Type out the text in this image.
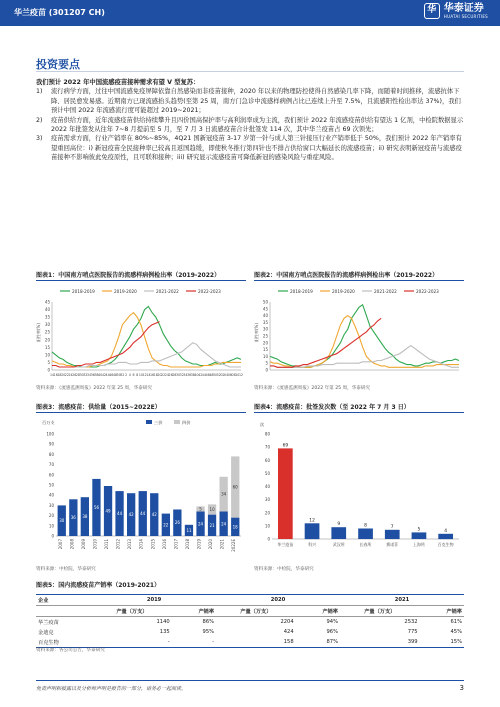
华兰疫苗 (301207 CH)	华 华泰证券
HUATAI SECURITIES
投资要点

我们预计 2022 年中国流感疫苗接种需求有望 V 型复苏：

1) 流行病学方面，过往中国流感免疫屏障依靠自然感染而非疫苗接种，2020 年以来的物理防控使得自然感染几率下降，而随着时间推移，流感抗体下降、居民愈发易感。近期南方已现流感抬头趋势(至第 25 周，南方门急诊中流感样病例占比已连续上升至 7.5%，且流感阳性检出率达 37%)，我们预计中国 2022 年流感流行度可能超过 2019~2021；

2) 疫苗供给方面，近年流感疫苗供给持续攀升且四价国高保护率与高利润率成为主流，我们预计 2022 年流感疫苗供给有望达 1 亿剂，中检院数据显示 2022 年批签发从往年 7~8 月提前至 5 月，至 7 月 3 日流感疫苗合计批签发 114 次，其中华兰疫苗占 69 次领先；

3) 疫苗需求方面，行业产销率在 80%~85%，4Q21 国新冠疫苗 3-17 岁第一针与成人第三针接压行业产销率低于 50%，我们预计 2022 年产销率有望重回高位：i) 新冠疫苗全民接种率已较高且返国趋缓，即使秋冬推行第四针也不排占供给窗口大幅延长的流感疫苗；ii) 研究表明新冠疫苗与流感疫苗接种不影响彼此免疫原性，且可联和接种；iii) 研究显示流感疫苗可降低新冠的感染风险与重症风险。

图表1：中国南方哨点医院报告的流感样病例检出率（2019-2022）
2018-2019	2019-2020	2021-2022	2022-2023
0
5
10
15
20
25
30
35
40
45
阳性率(%)
14 16 18 20 22 24 26 28 30 32 34 36 38 40 42 44 46 48 50 52 2 4 6 8 10 12 14 16 18 20 22 24 26 28 30 32 34 36 38 40 42 44 46 48 50 52 02 04 06 08 10 12
资料来源：《流感监测周报》2022 年第 25 周，华泰研究
图表2：中国南方哨点医院报告的流感样病例检出率（2019-2022）
2018-2019	2019-2020	2021-2022	2022-2023
0
5
10
15
20
25
30
35
40
45
50
阳性率(%)
资料来源：《流感监测周报》2022 年第 25 周，华泰研究
图表3：流感疫苗：供给量（2015~2022E）
百万支	三价	四价
0
10
20
30
40
50
60
70
80
90
100
30
2007
36
2008
38
2009
56
2010
49
2011
44
2012
42
2013
44
2014
42
2015
22
2016
26
2017
11
2018
24
5
2019
21
10
2020
24
34
2021
18
60
2022E
资料来源：中检院，华泰研究
图表4：流感疫苗：批签发次数（至 2022 年 7 月 3 日）
次
0
10
20
30
40
50
60
70
80
69
华兰疫苗
12
科兴
9
武汉所
8
长春所
7
赛诺菲
5
上海所
4
百克生物
资料来源：中检院，华泰研究
图表5：国内流感疫苗产销率（2019-2021）
企业	2019		2020		2021	
	产量（万支）	产销率	产量（万支）	产销率	产量（万支）	产销率
华兰疫苗	1140	86%	2204	94%	2532	61%
金迪克	135	95%	424	96%	775	45%
百克生物	-	-	158	87%	399	15%
资料来源：各公司公告，华泰研究
免责声明和披露以及分析师声明是报告的一部分，请务必一起阅读。	3
